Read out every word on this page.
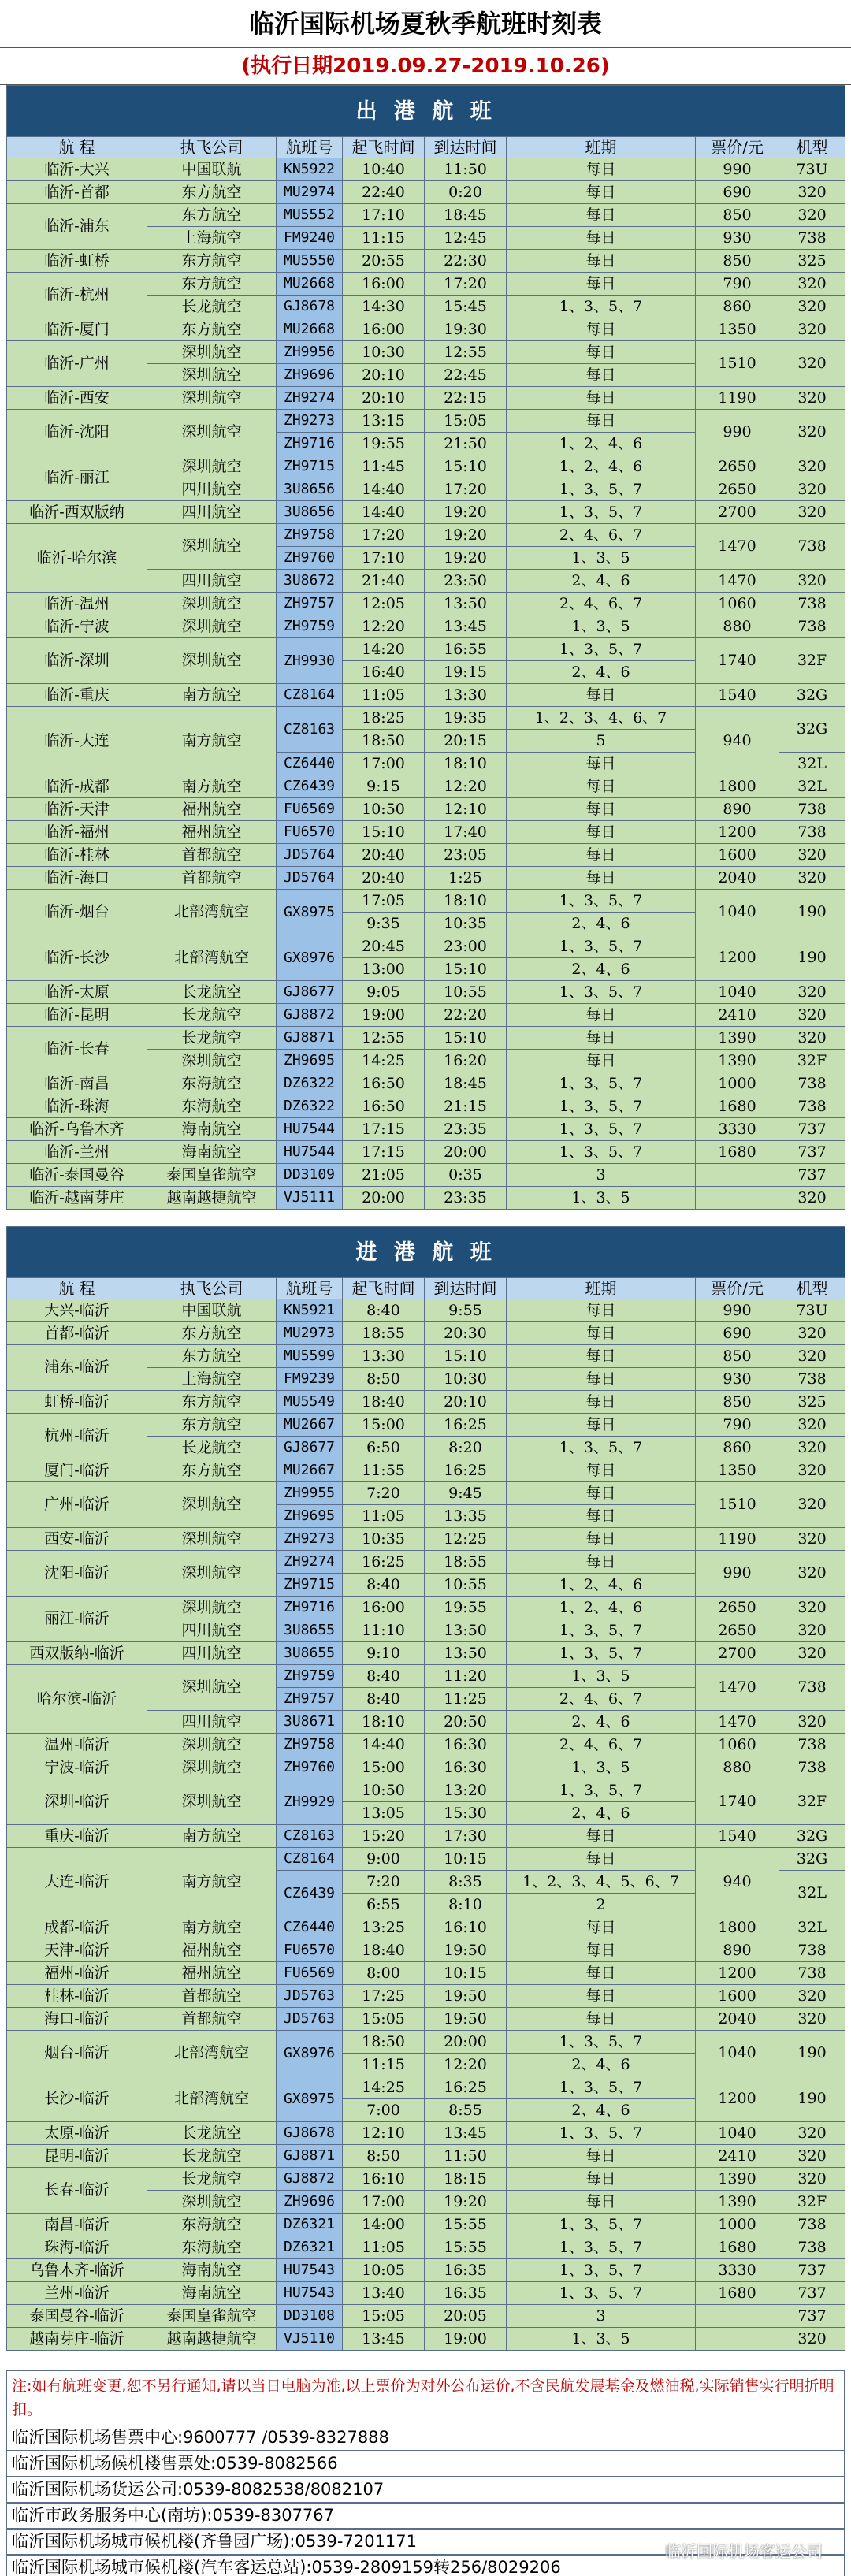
临沂国际机场夏秋季航班时刻表
(执行日期2019.09.27-2019.10.26)
出 港 航 班							
航 程	执飞公司	航班号	起飞时间	到达时间	班期	票价/元	机型
临沂-大兴	中国联航	KN5922	10:40	11:50	每日	990	73U
临沂-首都	东方航空	MU2974	22:40	0:20	每日	690	320
临沂-浦东	东方航空	MU5552	17:10	18:45	每日	850	320
	上海航空	FM9240	11:15	12:45	每日	930	738
临沂-虹桥	东方航空	MU5550	20:55	22:30	每日	850	325
临沂-杭州	东方航空	MU2668	16:00	17:20	每日	790	320
	长龙航空	GJ8678	14:30	15:45	1、3、5、7	860	320
临沂-厦门	东方航空	MU2668	16:00	19:30	每日	1350	320
临沂-广州	深圳航空	ZH9956	10:30	12:55	每日	1510	320
	深圳航空	ZH9696	20:10	22:45	每日		
临沂-西安	深圳航空	ZH9274	20:10	22:15	每日	1190	320
临沂-沈阳	深圳航空	ZH9273	13:15	15:05	每日	990	320
		ZH9716	19:55	21:50	1、2、4、6		
临沂-丽江	深圳航空	ZH9715	11:45	15:10	1、2、4、6	2650	320
	四川航空	3U8656	14:40	17:20	1、3、5、7	2650	320
临沂-西双版纳	四川航空	3U8656	14:40	19:20	1、3、5、7	2700	320
临沂-哈尔滨	深圳航空	ZH9758	17:20	19:20	2、4、6、7	1470	738
		ZH9760	17:10	19:20	1、3、5		
	四川航空	3U8672	21:40	23:50	2、4、6	1470	320
临沂-温州	深圳航空	ZH9757	12:05	13:50	2、4、6、7	1060	738
临沂-宁波	深圳航空	ZH9759	12:20	13:45	1、3、5	880	738
临沂-深圳	深圳航空	ZH9930	14:20	16:55	1、3、5、7	1740	32F
			16:40	19:15	2、4、6		
临沂-重庆	南方航空	CZ8164	11:05	13:30	每日	1540	32G
临沂-大连	南方航空	CZ8163	18:25	19:35	1、2、3、4、6、7	940	32G
			18:50	20:15	5		
		CZ6440	17:00	18:10	每日		32L
临沂-成都	南方航空	CZ6439	9:15	12:20	每日	1800	32L
临沂-天津	福州航空	FU6569	10:50	12:10	每日	890	738
临沂-福州	福州航空	FU6570	15:10	17:40	每日	1200	738
临沂-桂林	首都航空	JD5764	20:40	23:05	每日	1600	320
临沂-海口	首都航空	JD5764	20:40	1:25	每日	2040	320
临沂-烟台	北部湾航空	GX8975	17:05	18:10	1、3、5、7	1040	190
			9:35	10:35	2、4、6		
临沂-长沙	北部湾航空	GX8976	20:45	23:00	1、3、5、7	1200	190
			13:00	15:10	2、4、6		
临沂-太原	长龙航空	GJ8677	9:05	10:55	1、3、5、7	1040	320
临沂-昆明	长龙航空	GJ8872	19:00	22:20	每日	2410	320
临沂-长春	长龙航空	GJ8871	12:55	15:10	每日	1390	320
	深圳航空	ZH9695	14:25	16:20	每日	1390	32F
临沂-南昌	东海航空	DZ6322	16:50	18:45	1、3、5、7	1000	738
临沂-珠海	东海航空	DZ6322	16:50	21:15	1、3、5、7	1680	738
临沂-乌鲁木齐	海南航空	HU7544	17:15	23:35	1、3、5、7	3330	737
临沂-兰州	海南航空	HU7544	17:15	20:00	1、3、5、7	1680	737
临沂-泰国曼谷	泰国皇雀航空	DD3109	21:05	0:35	3		737
临沂-越南芽庄	越南越捷航空	VJ5111	20:00	23:35	1、3、5		320
进 港 航 班							
航 程	执飞公司	航班号	起飞时间	到达时间	班期	票价/元	机型
大兴-临沂	中国联航	KN5921	8:40	9:55	每日	990	73U
首都-临沂	东方航空	MU2973	18:55	20:30	每日	690	320
浦东-临沂	东方航空	MU5599	13:30	15:10	每日	850	320
	上海航空	FM9239	8:50	10:30	每日	930	738
虹桥-临沂	东方航空	MU5549	18:40	20:10	每日	850	325
杭州-临沂	东方航空	MU2667	15:00	16:25	每日	790	320
	长龙航空	GJ8677	6:50	8:20	1、3、5、7	860	320
厦门-临沂	东方航空	MU2667	11:55	16:25	每日	1350	320
广州-临沂	深圳航空	ZH9955	7:20	9:45	每日	1510	320
		ZH9695	11:05	13:35	每日		
西安-临沂	深圳航空	ZH9273	10:35	12:25	每日	1190	320
沈阳-临沂	深圳航空	ZH9274	16:25	18:55	每日	990	320
		ZH9715	8:40	10:55	1、2、4、6		
丽江-临沂	深圳航空	ZH9716	16:00	19:55	1、2、4、6	2650	320
	四川航空	3U8655	11:10	13:50	1、3、5、7	2650	320
西双版纳-临沂	四川航空	3U8655	9:10	13:50	1、3、5、7	2700	320
哈尔滨-临沂	深圳航空	ZH9759	8:40	11:20	1、3、5	1470	738
		ZH9757	8:40	11:25	2、4、6、7		
	四川航空	3U8671	18:10	20:50	2、4、6	1470	320
温州-临沂	深圳航空	ZH9758	14:40	16:30	2、4、6、7	1060	738
宁波-临沂	深圳航空	ZH9760	15:00	16:30	1、3、5	880	738
深圳-临沂	深圳航空	ZH9929	10:50	13:20	1、3、5、7	1740	32F
			13:05	15:30	2、4、6		
重庆-临沂	南方航空	CZ8163	15:20	17:30	每日	1540	32G
大连-临沂	南方航空	CZ8164	9:00	10:15	每日	940	32G
		CZ6439	7:20	8:35	1、2、3、4、5、6、7		32L
			6:55	8:10	2		
成都-临沂	南方航空	CZ6440	13:25	16:10	每日	1800	32L
天津-临沂	福州航空	FU6570	18:40	19:50	每日	890	738
福州-临沂	福州航空	FU6569	8:00	10:15	每日	1200	738
桂林-临沂	首都航空	JD5763	17:25	19:50	每日	1600	320
海口-临沂	首都航空	JD5763	15:05	19:50	每日	2040	320
烟台-临沂	北部湾航空	GX8976	18:50	20:00	1、3、5、7	1040	190
			11:15	12:20	2、4、6		
长沙-临沂	北部湾航空	GX8975	14:25	16:25	1、3、5、7	1200	190
			7:00	8:55	2、4、6		
太原-临沂	长龙航空	GJ8678	12:10	13:45	1、3、5、7	1040	320
昆明-临沂	长龙航空	GJ8871	8:50	11:50	每日	2410	320
长春-临沂	长龙航空	GJ8872	16:10	18:15	每日	1390	320
	深圳航空	ZH9696	17:00	19:20	每日	1390	32F
南昌-临沂	东海航空	DZ6321	14:00	15:55	1、3、5、7	1000	738
珠海-临沂	东海航空	DZ6321	11:05	15:55	1、3、5、7	1680	738
乌鲁木齐-临沂	海南航空	HU7543	10:05	16:35	1、3、5、7	3330	737
兰州-临沂	海南航空	HU7543	13:40	16:35	1、3、5、7	1680	737
泰国曼谷-临沂	泰国皇雀航空	DD3108	15:05	20:05	3		737
越南芽庄-临沂	越南越捷航空	VJ5110	13:45	19:00	1、3、5		320
注:如有航班变更,恕不另行通知,请以当日电脑为准,以上票价为对外公布运价,不含民航发展基金及燃油税,实际销售实行明折明扣。
临沂国际机场售票中心:9600777 /0539-8327888
临沂国际机场候机楼售票处:0539-8082566
临沂国际机场货运公司:0539-8082538/8082107
临沂市政务服务中心(南坊):0539-8307767
临沂国际机场城市候机楼(齐鲁园广场):0539-7201171
临沂国际机场城市候机楼(汽车客运总站):0539-2809159转256/8029206
临沂国际机场客运公司
